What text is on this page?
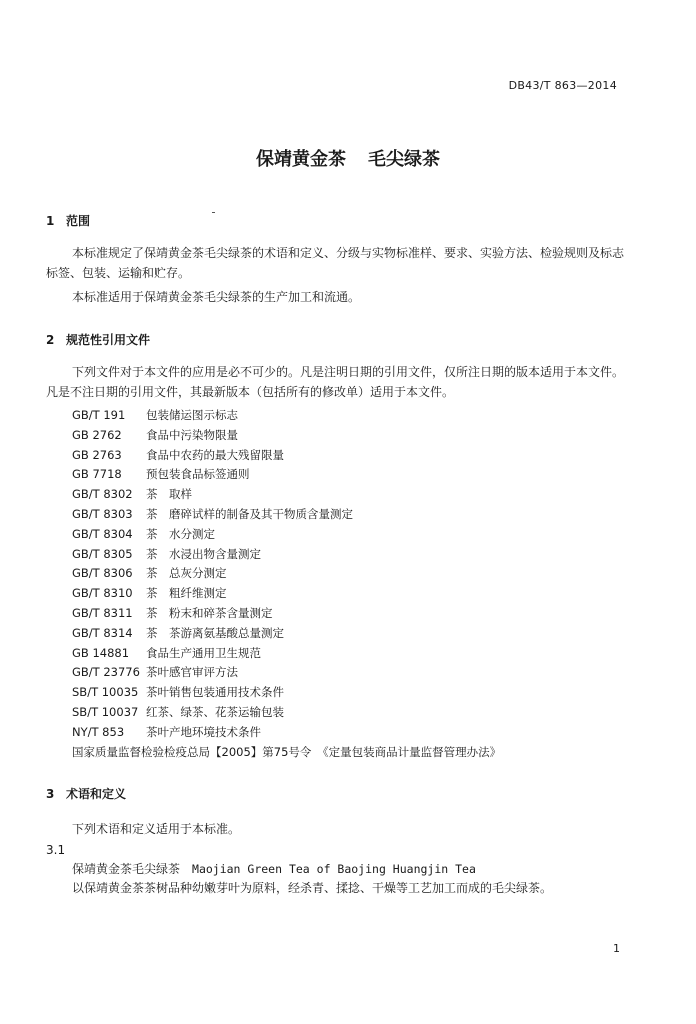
DB43/T 863—2014
保靖黄金茶 毛尖绿茶
1 范围

本标准规定了保靖黄金茶毛尖绿茶的术语和定义、分级与实物标准样、要求、实验方法、检验规则及标志标签、包装、运输和贮存。

本标准适用于保靖黄金茶毛尖绿茶的生产加工和流通。

2 规范性引用文件

下列文件对于本文件的应用是必不可少的。凡是注明日期的引用文件，仅所注日期的版本适用于本文件。凡是不注日期的引用文件，其最新版本（包括所有的修改单）适用于本文件。

GB/T 191 包装储运图示标志
GB 2762 食品中污染物限量
GB 2763 食品中农药的最大残留限量
GB 7718 预包装食品标签通则
GB/T 8302 茶　取样
GB/T 8303 茶　磨碎试样的制备及其干物质含量测定
GB/T 8304 茶　水分测定
GB/T 8305 茶　水浸出物含量测定
GB/T 8306 茶　总灰分测定
GB/T 8310 茶　粗纤维测定
GB/T 8311 茶　粉末和碎茶含量测定
GB/T 8314 茶　茶游离氨基酸总量测定
GB 14881 食品生产通用卫生规范
GB/T 23776 茶叶感官审评方法
SB/T 10035 茶叶销售包装通用技术条件
SB/T 10037 红茶、绿茶、花茶运输包装
NY/T 853 茶叶产地环境技术条件
国家质量监督检验检疫总局【2005】第75号令　《定量包装商品计量监督管理办法》
3 术语和定义

下列术语和定义适用于本标准。

3.1
保靖黄金茶毛尖绿茶 Maojian Green Tea of Baojing Huangjin Tea
以保靖黄金茶茶树品种幼嫩芽叶为原料，经杀青、揉捻、干燥等工艺加工而成的毛尖绿茶。
1
